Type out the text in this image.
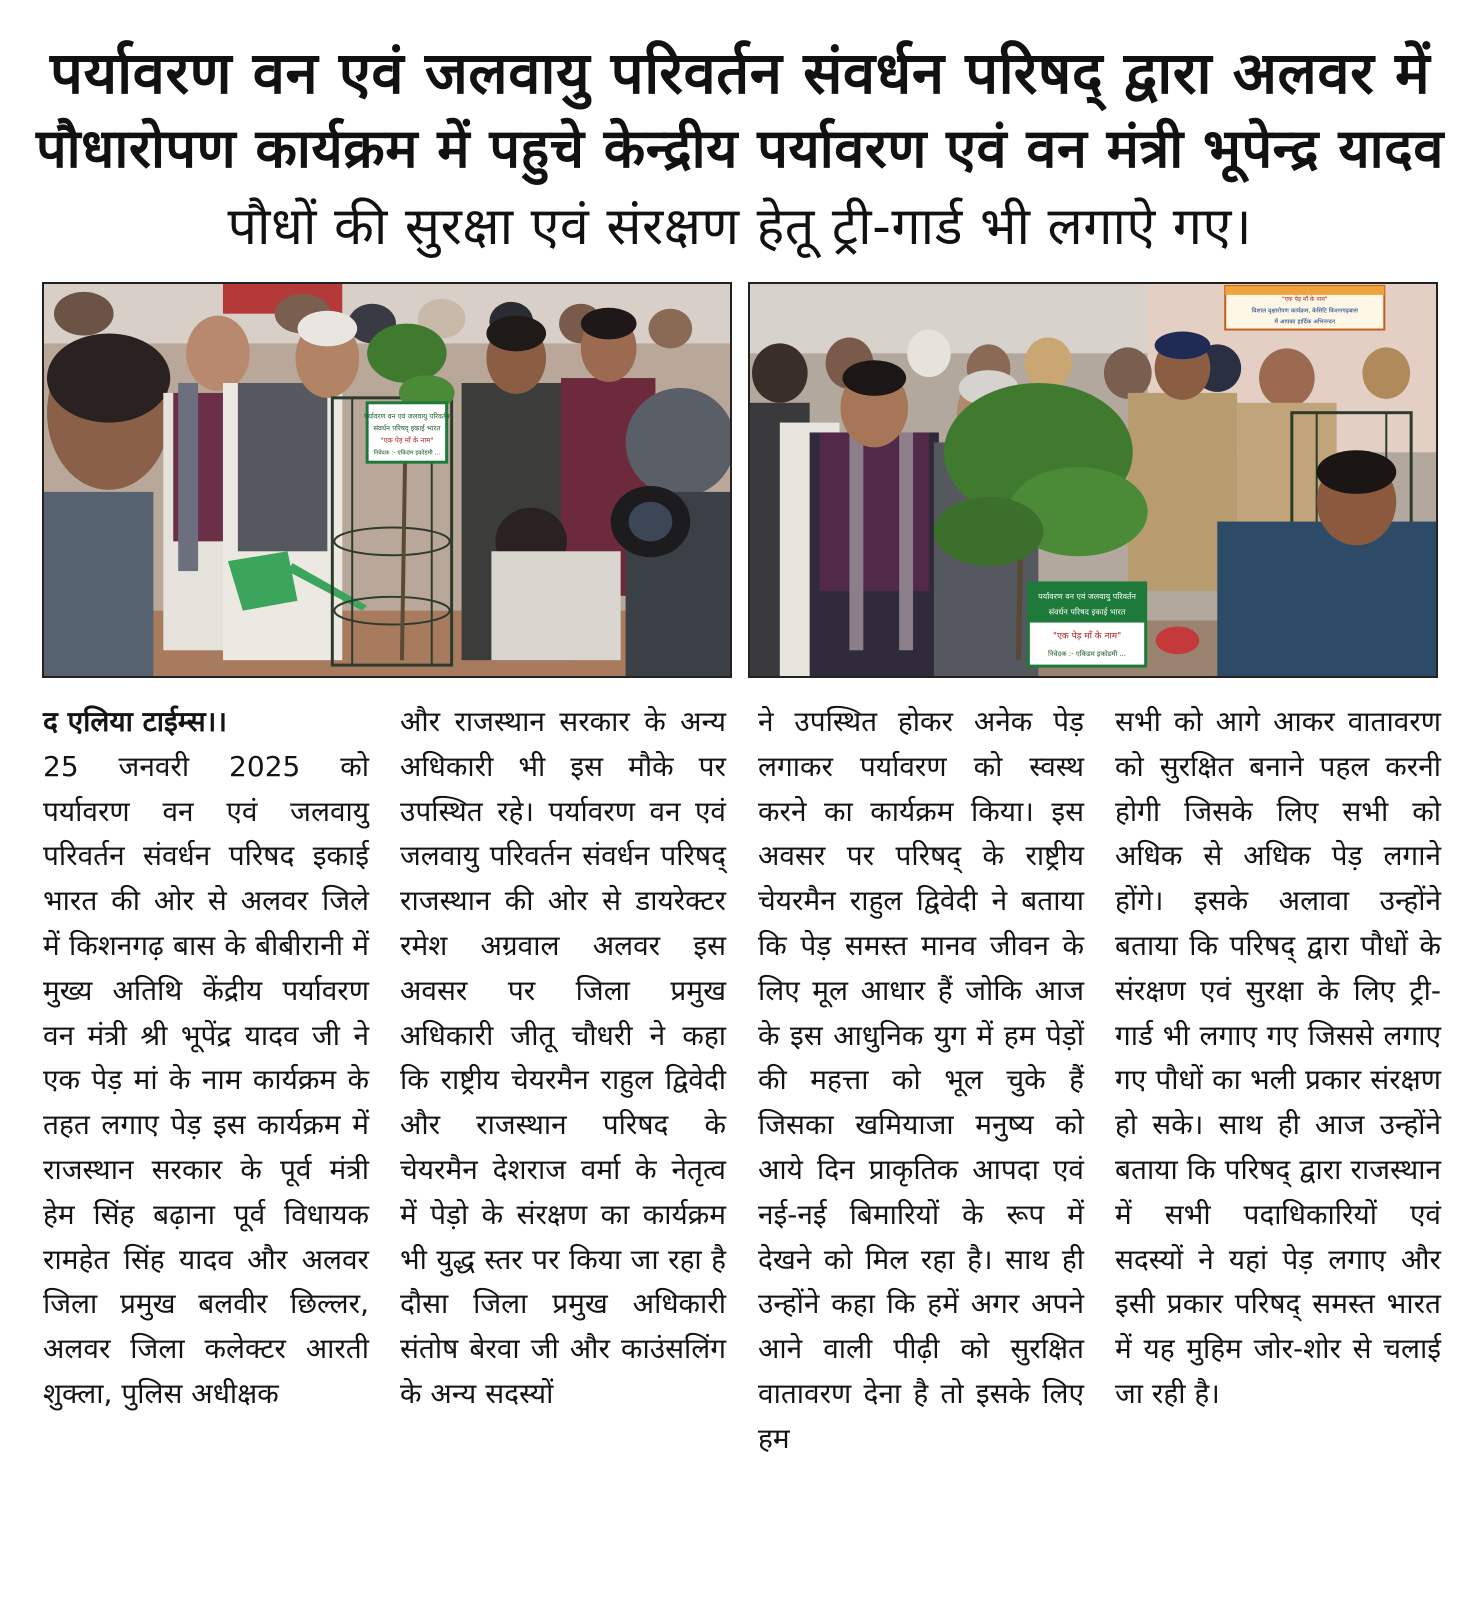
पर्यावरण वन एवं जलवायु परिवर्तन संवर्धन परिषद् द्वारा अलवर में
पौधारोपण कार्यक्रम में पहुचे केन्द्रीय पर्यावरण एवं वन मंत्री भूपेन्द्र यादव
पौधों की सुरक्षा एवं संरक्षण हेतू ट्री-गार्ड भी लगाऐ गए।
पर्यावरण वन एवं जलवायु परिवर्तन
संवर्धन परिषद् इकाई भारत
"एक पेड़ माँ के नाम"
निवेदक :- एकिडम इकोडमी ...
"एक पेड़ माँ के नाम"
विशाल वृक्षारोपण कार्यक्रम, केसिटि किशनगढ़बास
में आपका हार्दिक अभिनन्दन
पर्यावरण वन एवं जलवायु परिवर्तन
संवर्धन परिषद इकाई भारत
"एक पेड़ माँ के नाम"
निवेदक :- एकिडम इकोडमी ...
द एलिया टाईम्स।।
25 जनवरी 2025 को पर्यावरण वन एवं जलवायु परिवर्तन संवर्धन परिषद इकाई भारत की ओर से अलवर जिले में किशनगढ़ बास के बीबीरानी में मुख्य अतिथि केंद्रीय पर्यावरण वन मंत्री श्री भूपेंद्र यादव जी ने एक पेड़ मां के नाम कार्यक्रम के तहत लगाए पेड़ इस कार्यक्रम में राजस्थान सरकार के पूर्व मंत्री हेम सिंह बढ़ाना पूर्व विधायक रामहेत सिंह यादव और अलवर जिला प्रमुख बलवीर छिल्लर, अलवर जिला कलेक्टर आरती शुक्ला, पुलिस अधीक्षक
और राजस्थान सरकार के अन्य अधिकारी भी इस मौके पर उपस्थित रहे। पर्यावरण वन एवं जलवायु परिवर्तन संवर्धन परिषद् राजस्थान की ओर से डायरेक्टर रमेश अग्रवाल अलवर इस अवसर पर जिला प्रमुख अधिकारी जीतू चौधरी ने कहा कि राष्ट्रीय चेयरमैन राहुल द्विवेदी और राजस्थान परिषद के चेयरमैन देशराज वर्मा के नेतृत्व में पेड़ो के संरक्षण का कार्यक्रम भी युद्ध स्तर पर किया जा रहा है दौसा जिला प्रमुख अधिकारी संतोष बेरवा जी और काउंसलिंग के अन्य सदस्यों
ने उपस्थित होकर अनेक पेड़ लगाकर पर्यावरण को स्वस्थ करने का कार्यक्रम किया। इस अवसर पर परिषद् के राष्ट्रीय चेयरमैन राहुल द्विवेदी ने बताया कि पेड़ समस्त मानव जीवन के लिए मूल आधार हैं जोकि आज के इस आधुनिक युग में हम पेड़ों की महत्ता को भूल चुके हैं जिसका खमियाजा मनुष्य को आये दिन प्राकृतिक आपदा एवं नई-नई बिमारियों के रूप में देखने को मिल रहा है। साथ ही उन्होंने कहा कि हमें अगर अपने आने वाली पीढ़ी को सुरक्षित वातावरण देना है तो इसके लिए हम
सभी को आगे आकर वातावरण को सुरक्षित बनाने पहल करनी होगी जिसके लिए सभी को अधिक से अधिक पेड़ लगाने होंगे। इसके अलावा उन्होंने बताया कि परिषद् द्वारा पौधों के संरक्षण एवं सुरक्षा के लिए ट्री-गार्ड भी लगाए गए जिससे लगाए गए पौधों का भली प्रकार संरक्षण हो सके। साथ ही आज उन्होंने बताया कि परिषद् द्वारा राजस्थान में सभी पदाधिकारियों एवं सदस्यों ने यहां पेड़ लगाए और इसी प्रकार परिषद् समस्त भारत में यह मुहिम जोर-शोर से चलाई जा रही है।
